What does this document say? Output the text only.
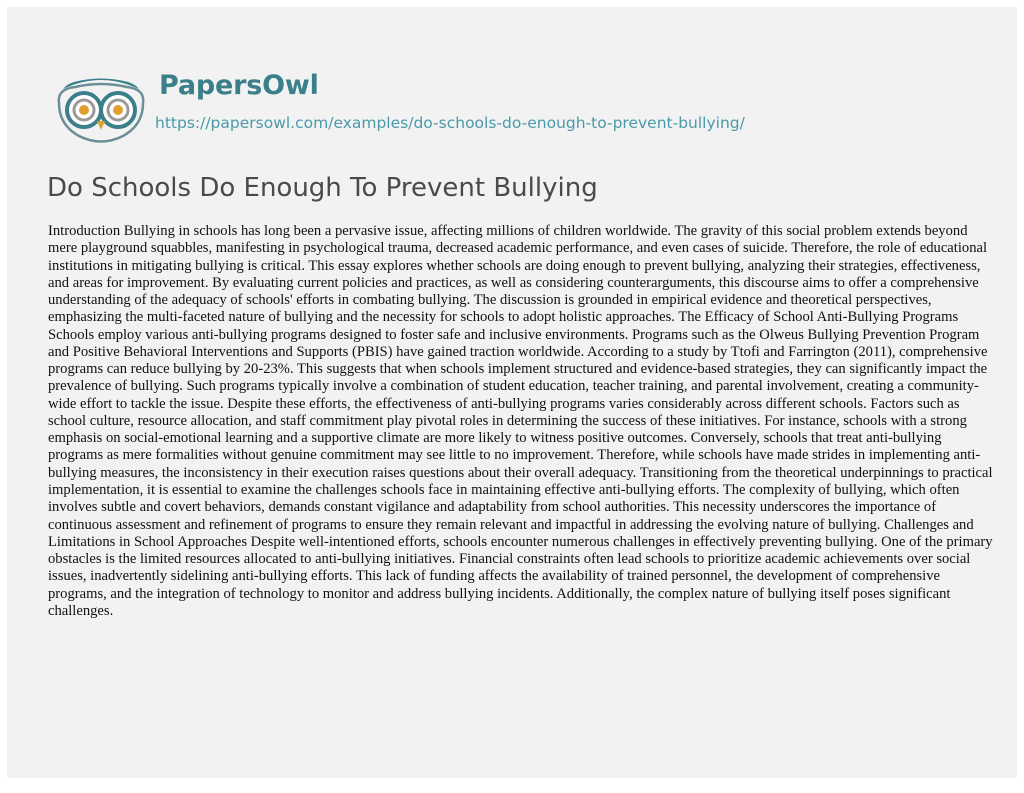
PapersOwl
https://papersowl.com/examples/do-schools-do-enough-to-prevent-bullying/
Do Schools Do Enough To Prevent Bullying

Introduction Bullying in schools has long been a pervasive issue, affecting millions of children worldwide. The gravity of this social problem extends beyond mere playground squabbles, manifesting in psychological trauma, decreased academic performance, and even cases of suicide. Therefore, the role of educational institutions in mitigating bullying is critical. This essay explores whether schools are doing enough to prevent bullying, analyzing their strategies, effectiveness, and areas for improvement. By evaluating current policies and practices, as well as considering counterarguments, this discourse aims to offer a comprehensive understanding of the adequacy of schools' efforts in combating bullying. The discussion is grounded in empirical evidence and theoretical perspectives, emphasizing the multi-faceted nature of bullying and the necessity for schools to adopt holistic approaches. The Efficacy of School Anti-Bullying Programs Schools employ various anti-bullying programs designed to foster safe and inclusive environments. Programs such as the Olweus Bullying Prevention Program and Positive Behavioral Interventions and Supports (PBIS) have gained traction worldwide. According to a study by Ttofi and Farrington (2011), comprehensive programs can reduce bullying by 20-23%. This suggests that when schools implement structured and evidence-based strategies, they can significantly impact the prevalence of bullying. Such programs typically involve a combination of student education, teacher training, and parental involvement, creating a community-wide effort to tackle the issue. Despite these efforts, the effectiveness of anti-bullying programs varies considerably across different schools. Factors such as school culture, resource allocation, and staff commitment play pivotal roles in determining the success of these initiatives. For instance, schools with a strong emphasis on social-emotional learning and a supportive climate are more likely to witness positive outcomes. Conversely, schools that treat anti-bullying programs as mere formalities without genuine commitment may see little to no improvement. Therefore, while schools have made strides in implementing anti-bullying measures, the inconsistency in their execution raises questions about their overall adequacy. Transitioning from the theoretical underpinnings to practical implementation, it is essential to examine the challenges schools face in maintaining effective anti-bullying efforts. The complexity of bullying, which often involves subtle and covert behaviors, demands constant vigilance and adaptability from school authorities. This necessity underscores the importance of continuous assessment and refinement of programs to ensure they remain relevant and impactful in addressing the evolving nature of bullying. Challenges and Limitations in School Approaches Despite well-intentioned efforts, schools encounter numerous challenges in effectively preventing bullying. One of the primary obstacles is the limited resources allocated to anti-bullying initiatives. Financial constraints often lead schools to prioritize academic achievements over social issues, inadvertently sidelining anti-bullying efforts. This lack of funding affects the availability of trained personnel, the development of comprehensive programs, and the integration of technology to monitor and address bullying incidents. Additionally, the complex nature of bullying itself poses significant challenges.
